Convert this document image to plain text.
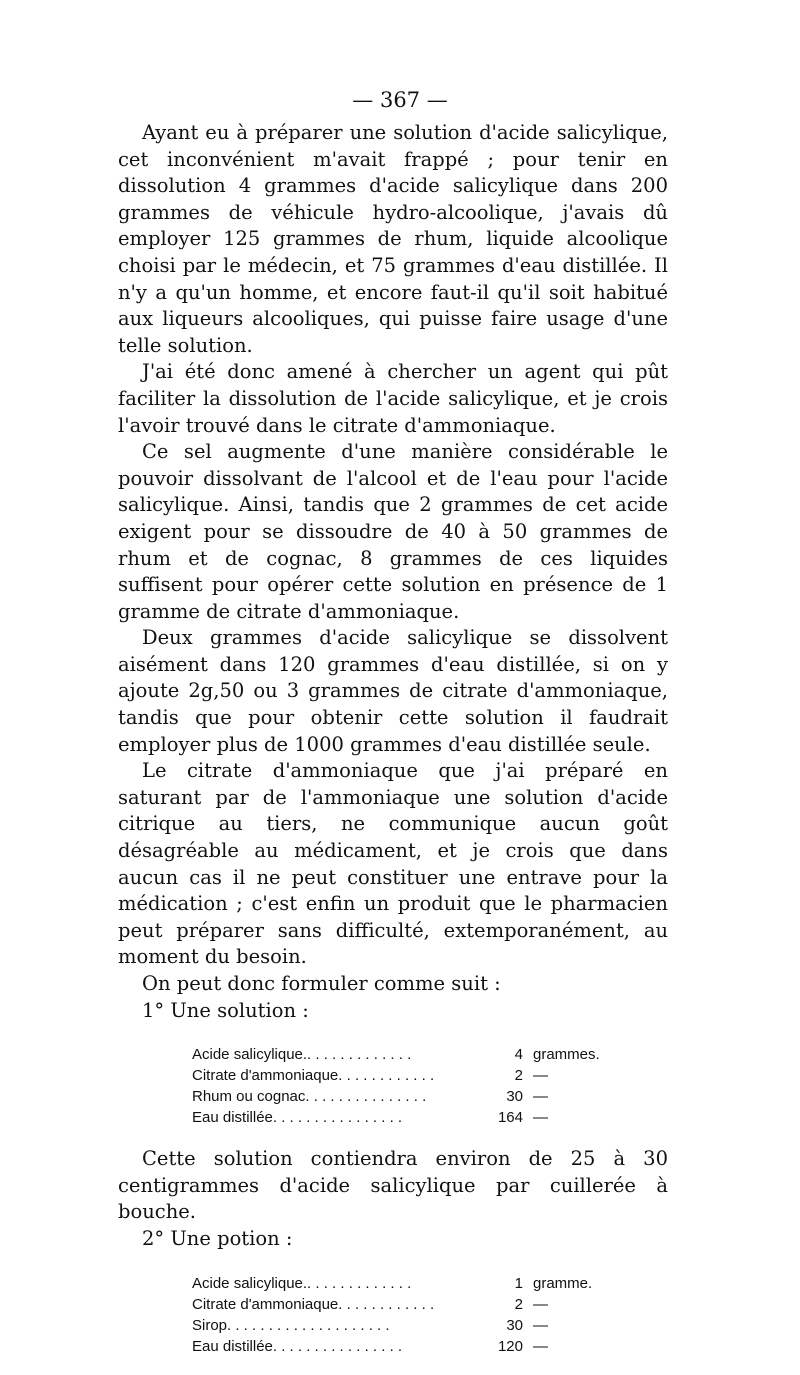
— 367 —

Ayant eu à préparer une solution d'acide salicylique, cet inconvénient m'avait frappé ; pour tenir en dissolution 4 grammes d'acide salicylique dans 200 grammes de véhicule hydro-alcoolique, j'avais dû employer 125 grammes de rhum, liquide alcoolique choisi par le médecin, et 75 grammes d'eau distillée. Il n'y a qu'un homme, et encore faut-il qu'il soit habitué aux liqueurs alcooliques, qui puisse faire usage d'une telle solution.

J'ai été donc amené à chercher un agent qui pût faciliter la dissolution de l'acide salicylique, et je crois l'avoir trouvé dans le citrate d'ammoniaque.

Ce sel augmente d'une manière considérable le pouvoir dissolvant de l'alcool et de l'eau pour l'acide salicylique. Ainsi, tandis que 2 grammes de cet acide exigent pour se dissoudre de 40 à 50 grammes de rhum et de cognac, 8 grammes de ces liquides suffisent pour opérer cette solution en présence de 1 gramme de citrate d'ammoniaque.

Deux grammes d'acide salicylique se dissolvent aisément dans 120 grammes d'eau distillée, si on y ajoute 2g,50 ou 3 grammes de citrate d'ammoniaque, tandis que pour obtenir cette solution il faudrait employer plus de 1000 grammes d'eau distillée seule.

Le citrate d'ammoniaque que j'ai préparé en saturant par de l'ammoniaque une solution d'acide citrique au tiers, ne communique aucun goût désagréable au médicament, et je crois que dans aucun cas il ne peut constituer une entrave pour la médication ; c'est enfin un produit que le pharmacien peut préparer sans difficulté, extemporanément, au moment du besoin.

On peut donc formuler comme suit :

1° Une solution :

Acide salicylique.. . . . . . . . . . . . .	4 grammes.
Citrate d'ammoniaque. . . . . . . . . . . .	2 —
Rhum ou cognac. . . . . . . . . . . . . . .	30 —
Eau distillée. . . . . . . . . . . . . . . .	164 —

Cette solution contiendra environ de 25 à 30 centigrammes d'acide salicylique par cuillerée à bouche.

2° Une potion :

Acide salicylique.. . . . . . . . . . . . .	1 gramme.
Citrate d'ammoniaque. . . . . . . . . . . .	2 —
Sirop. . . . . . . . . . . . . . . . . . . .	30 —
Eau distillée. . . . . . . . . . . . . . . .	120 —
